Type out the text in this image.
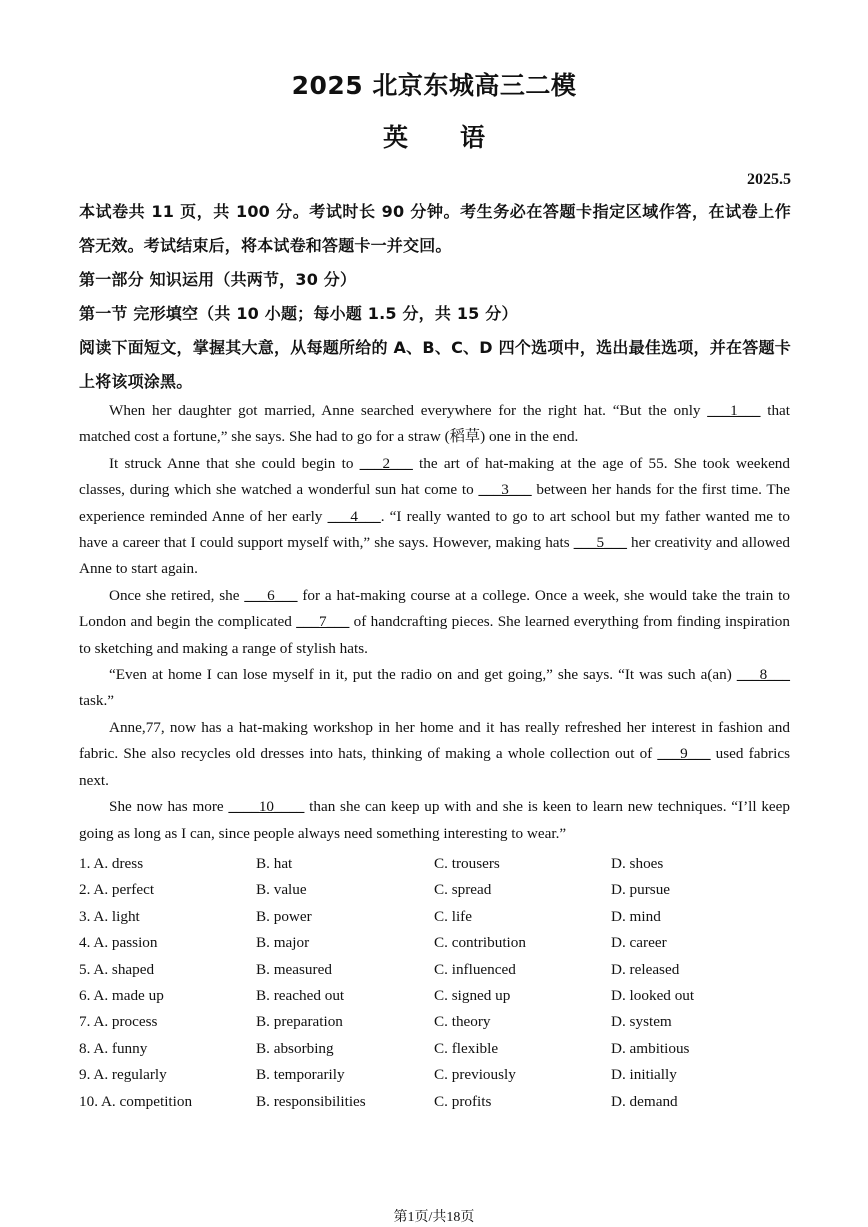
2025 北京东城高三二模
英语
2025.5

本试卷共 11 页，共 100 分。考试时长 90 分钟。考生务必在答题卡指定区域作答，在试卷上作答无效。考试结束后，将本试卷和答题卡一并交回。

第一部分 知识运用（共两节，30 分）

第一节 完形填空（共 10 小题；每小题 1.5 分，共 15 分）

阅读下面短文，掌握其大意，从每题所给的 A、B、C、D 四个选项中，选出最佳选项，并在答题卡上将该项涂黑。

When her daughter got married, Anne searched everywhere for the right hat. “But the only ___1___ that matched cost a fortune,” she says. She had to go for a straw (稻草) one in the end.

It struck Anne that she could begin to ___2___ the art of hat-making at the age of 55. She took weekend classes, during which she watched a wonderful sun hat come to ___3___ between her hands for the first time. The experience reminded Anne of her early ___4___. “I really wanted to go to art school but my father wanted me to have a career that I could support myself with,” she says. However, making hats ___5___ her creativity and allowed Anne to start again.

Once she retired, she ___6___ for a hat-making course at a college. Once a week, she would take the train to London and begin the complicated ___7___ of handcrafting pieces. She learned everything from finding inspiration to sketching and making a range of stylish hats.

“Even at home I can lose myself in it, put the radio on and get going,” she says. “It was such a(an) ___8___ task.”

Anne,77, now has a hat-making workshop in her home and it has really refreshed her interest in fashion and fabric. She also recycles old dresses into hats, thinking of making a whole collection out of ___9___ used fabrics next.

She now has more ____10____ than she can keep up with and she is keen to learn new techniques. “I’ll keep going as long as I can, since people always need something interesting to wear.”

1. A. dress	B. hat	C. trousers	D. shoes
2. A. perfect	B. value	C. spread	D. pursue
3. A. light	B. power	C. life	D. mind
4. A. passion	B. major	C. contribution	D. career
5. A. shaped	B. measured	C. influenced	D. released
6. A. made up	B. reached out	C. signed up	D. looked out
7. A. process	B. preparation	C. theory	D. system
8. A. funny	B. absorbing	C. flexible	D. ambitious
9. A. regularly	B. temporarily	C. previously	D. initially
10. A. competition	B. responsibilities	C. profits	D. demand
第1页/共18页
